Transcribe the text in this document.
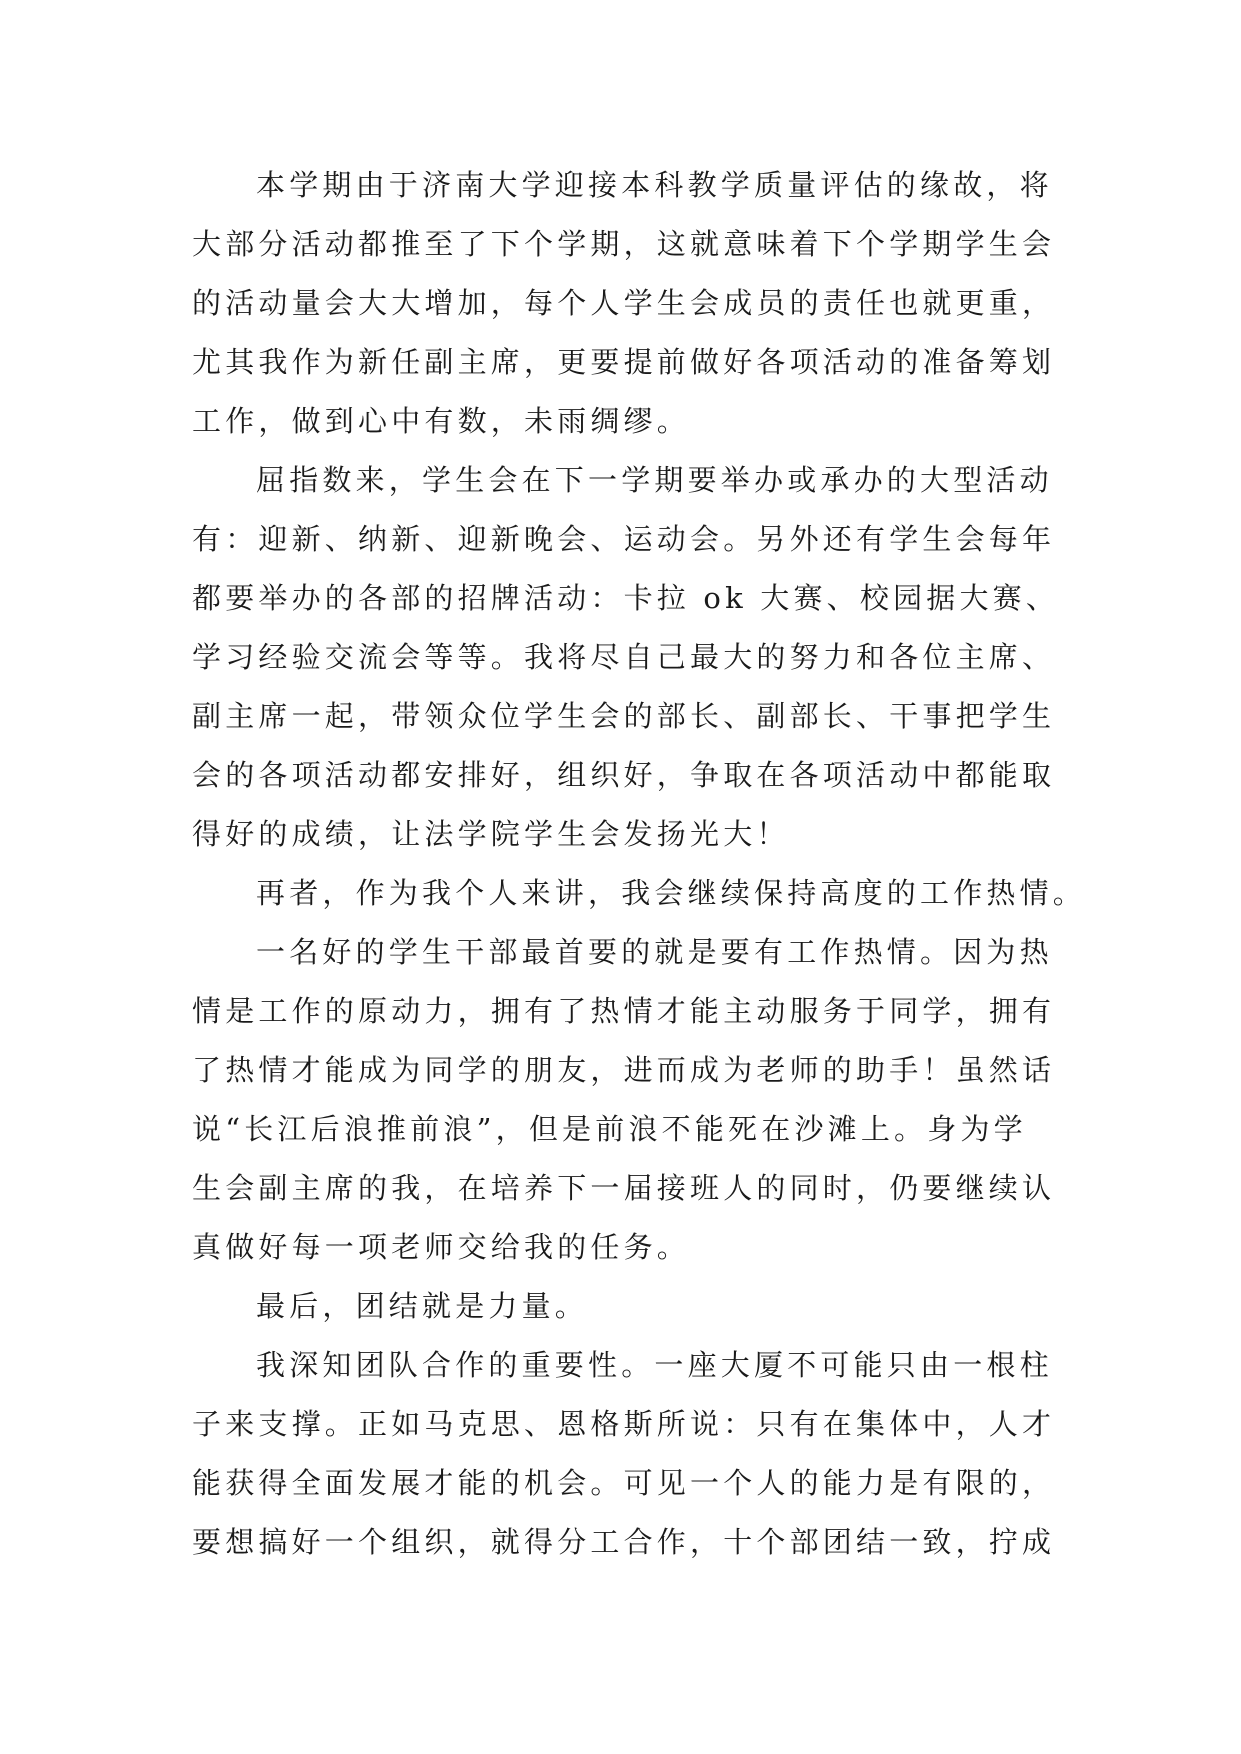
本学期由于济南大学迎接本科教学质量评估的缘故，将
大部分活动都推至了下个学期，这就意味着下个学期学生会
的活动量会大大增加，每个人学生会成员的责任也就更重，
尤其我作为新任副主席，更要提前做好各项活动的准备筹划
工作，做到心中有数，未雨绸缪。
屈指数来，学生会在下一学期要举办或承办的大型活动
有：迎新、纳新、迎新晚会、运动会。另外还有学生会每年
都要举办的各部的招牌活动：卡拉 ok 大赛、校园据大赛、
学习经验交流会等等。我将尽自己最大的努力和各位主席、
副主席一起，带领众位学生会的部长、副部长、干事把学生
会的各项活动都安排好，组织好，争取在各项活动中都能取
得好的成绩，让法学院学生会发扬光大！
再者，作为我个人来讲，我会继续保持高度的工作热情。
一名好的学生干部最首要的就是要有工作热情。因为热
情是工作的原动力，拥有了热情才能主动服务于同学，拥有
了热情才能成为同学的朋友，进而成为老师的助手！虽然话
说“长江后浪推前浪”，但是前浪不能死在沙滩上。身为学
生会副主席的我，在培养下一届接班人的同时，仍要继续认
真做好每一项老师交给我的任务。
最后，团结就是力量。
我深知团队合作的重要性。一座大厦不可能只由一根柱
子来支撑。正如马克思、恩格斯所说：只有在集体中，人才
能获得全面发展才能的机会。可见一个人的能力是有限的，
要想搞好一个组织，就得分工合作，十个部团结一致，拧成
